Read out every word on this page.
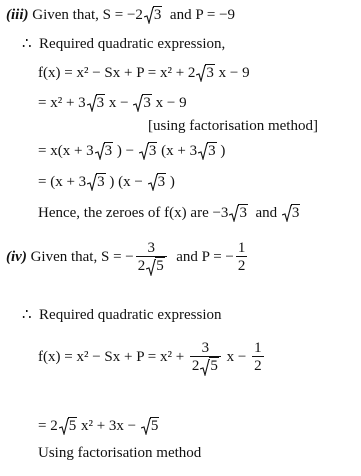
(iii) Given that, S = −2 3 and P = −9
∴ Required quadratic expression,
f(x) = x² − Sx + P = x² + 2 3 x − 9
= x² + 3 3 x − 3 x − 9
[using factorisation method]
= x(x + 3 3 ) − 3 (x + 3 3 )
= (x + 3 3 ) (x − 3 )
Hence, the zeroes of f(x) are −3 3 and 3
(iv) Given that, S = − $\frac{3}{2 5}$ and P = − $\frac{1}{2}$
∴ Required quadratic expression
$f(x) = x^2 - Sx + P = x^2 + \frac{3}{2 5}$ $x - \frac{1}{2}$
= 2 5 x² + 3x − 5
Using factorisation method
